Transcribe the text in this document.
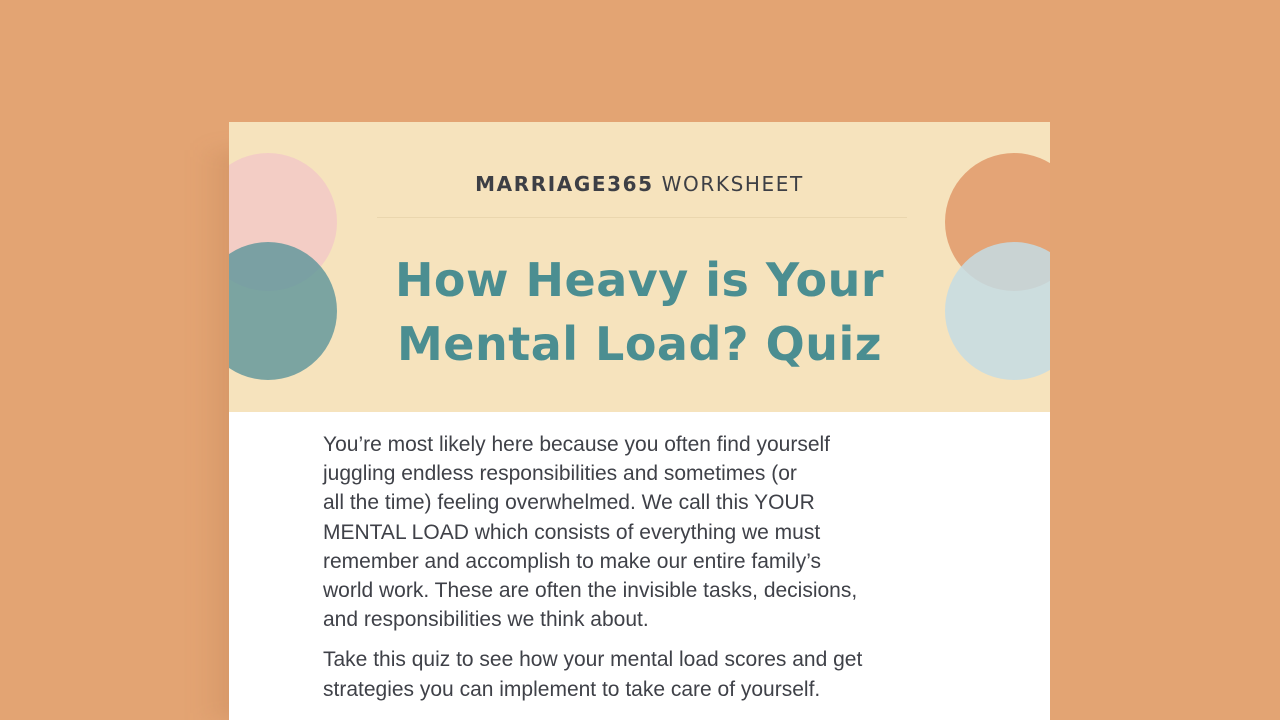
MARRIAGE365 WORKSHEET
How Heavy is Your
Mental Load? Quiz
You’re most likely here because you often find yourself
juggling endless responsibilities and sometimes (or
all the time) feeling overwhelmed. We call this YOUR
MENTAL LOAD which consists of everything we must
remember and accomplish to make our entire family’s
world work. These are often the invisible tasks, decisions,
and responsibilities we think about.
Take this quiz to see how your mental load scores and get
strategies you can implement to take care of yourself.
